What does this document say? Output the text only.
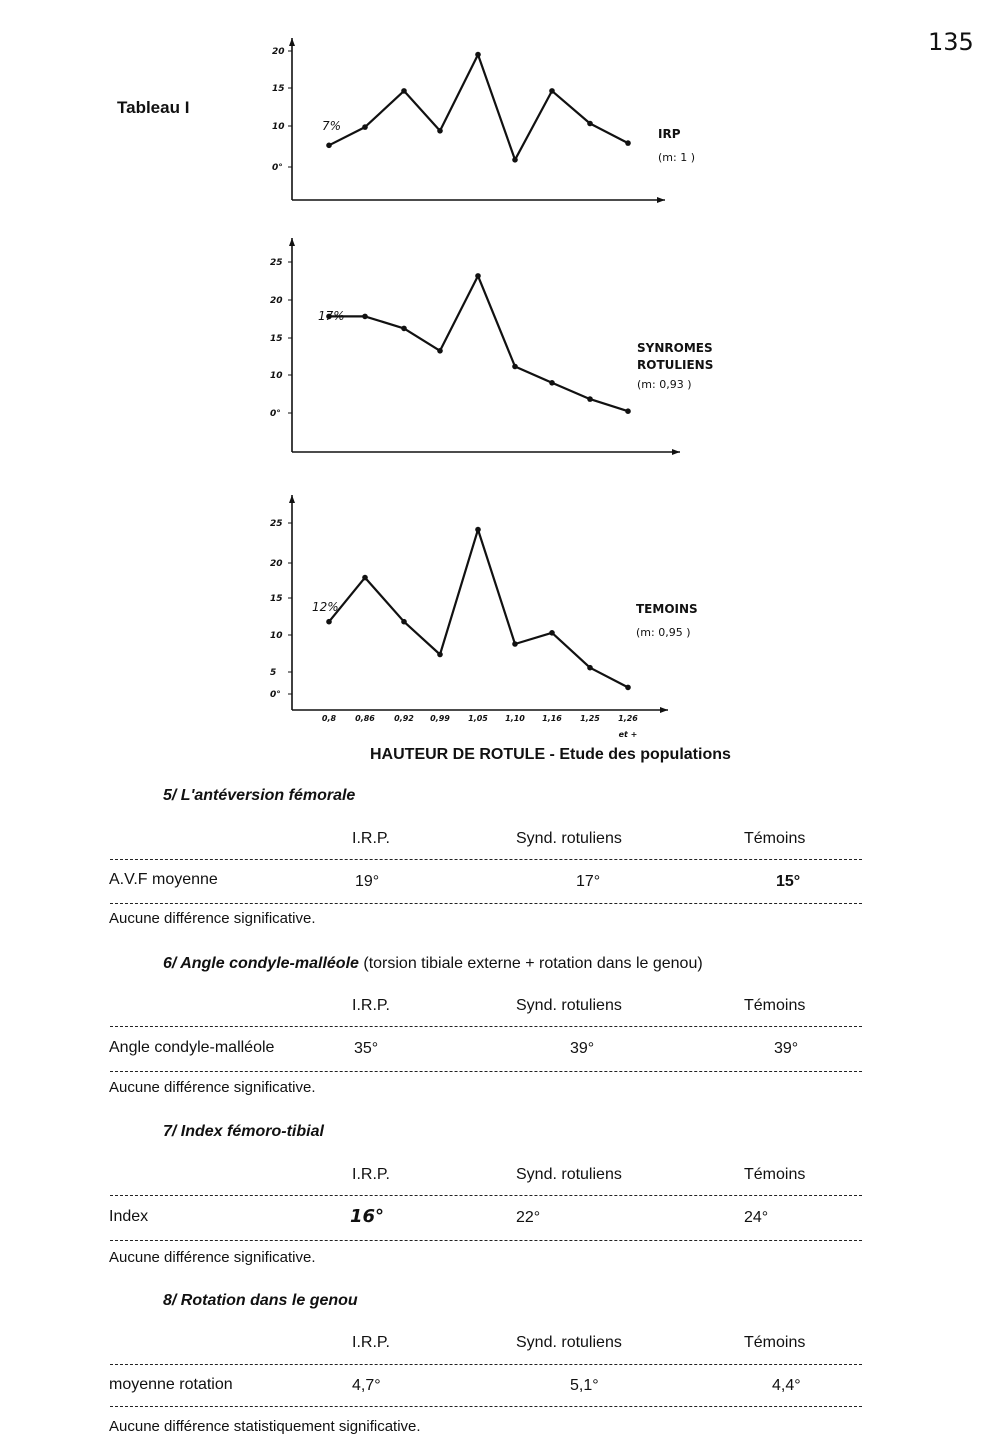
135
Tableau I
20
15
10
0°
7%
IRP
(m: 1 )
25
20
15
10
0°
17%
SYNROMES
ROTULIENS
(m: 0,93 )
25
20
15
10
5
0°
12%	TEMOINS
(m: 0,95 )
0,8 0,86 0,92 0,99 1,05 1,10 1,16 1,25 1,26
et +
HAUTEUR DE ROTULE - Etude des populations
5/ L'antéversion fémorale
I.R.P.	Synd. rotuliens	Témoins
A.V.F moyenne	19°	17°	15°
Aucune différence significative.
6/ Angle condyle-malléole (torsion tibiale externe + rotation dans le genou)
I.R.P.	Synd. rotuliens	Témoins
Angle condyle-malléole	35°	39°	39°
Aucune différence significative.
7/ Index fémoro-tibial
I.R.P.	Synd. rotuliens	Témoins
Index	16°	22°	24°
Aucune différence significative.
8/ Rotation dans le genou
I.R.P.	Synd. rotuliens	Témoins
moyenne rotation	4,7°	5,1°	4,4°
Aucune différence statistiquement significative.
